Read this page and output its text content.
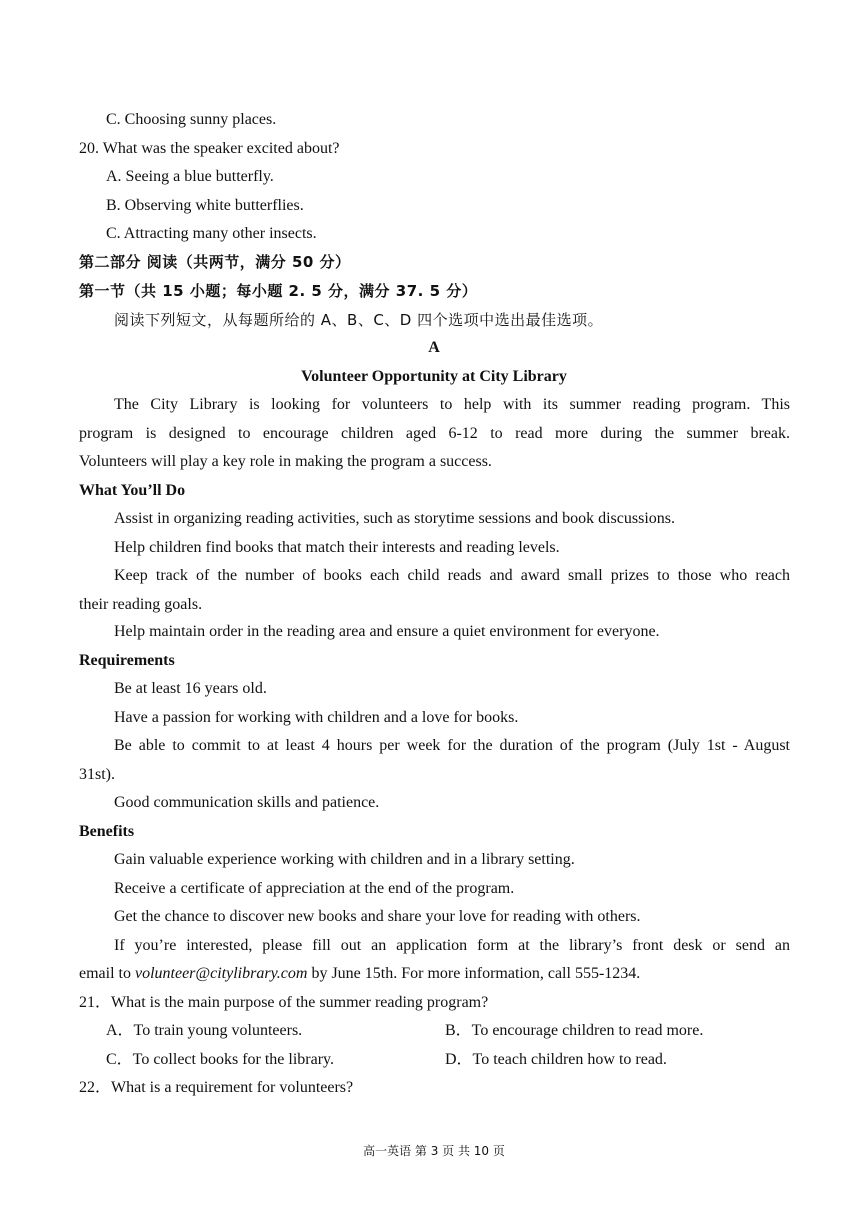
C. Choosing sunny places.
20. What was the speaker excited about?
A. Seeing a blue butterfly.
B. Observing white butterflies.
C. Attracting many other insects.
第二部分 阅读（共两节，满分 50 分）
第一节（共 15 小题；每小题 2. 5 分，满分 37. 5 分）
阅读下列短文，从每题所给的 A、B、C、D 四个选项中选出最佳选项。
A
Volunteer Opportunity at City Library
The City Library is looking for volunteers to help with its summer reading program. This
program is designed to encourage children aged 6-12 to read more during the summer break.
Volunteers will play a key role in making the program a success.
What You’ll Do
Assist in organizing reading activities, such as storytime sessions and book discussions.
Help children find books that match their interests and reading levels.
Keep track of the number of books each child reads and award small prizes to those who reach
their reading goals.
Help maintain order in the reading area and ensure a quiet environment for everyone.
Requirements
Be at least 16 years old.
Have a passion for working with children and a love for books.
Be able to commit to at least 4 hours per week for the duration of the program (July 1st - August
31st).
Good communication skills and patience.
Benefits
Gain valuable experience working with children and in a library setting.
Receive a certificate of appreciation at the end of the program.
Get the chance to discover new books and share your love for reading with others.
If you’re interested, please fill out an application form at the library’s front desk or send an
email to volunteer@citylibrary.com by June 15th. For more information, call 555-1234.
21．What is the main purpose of the summer reading program?
A．To train young volunteers.	B．To encourage children to read more.
C．To collect books for the library.	D．To teach children how to read.
22．What is a requirement for volunteers?
高一英语 第 3 页 共 10 页
